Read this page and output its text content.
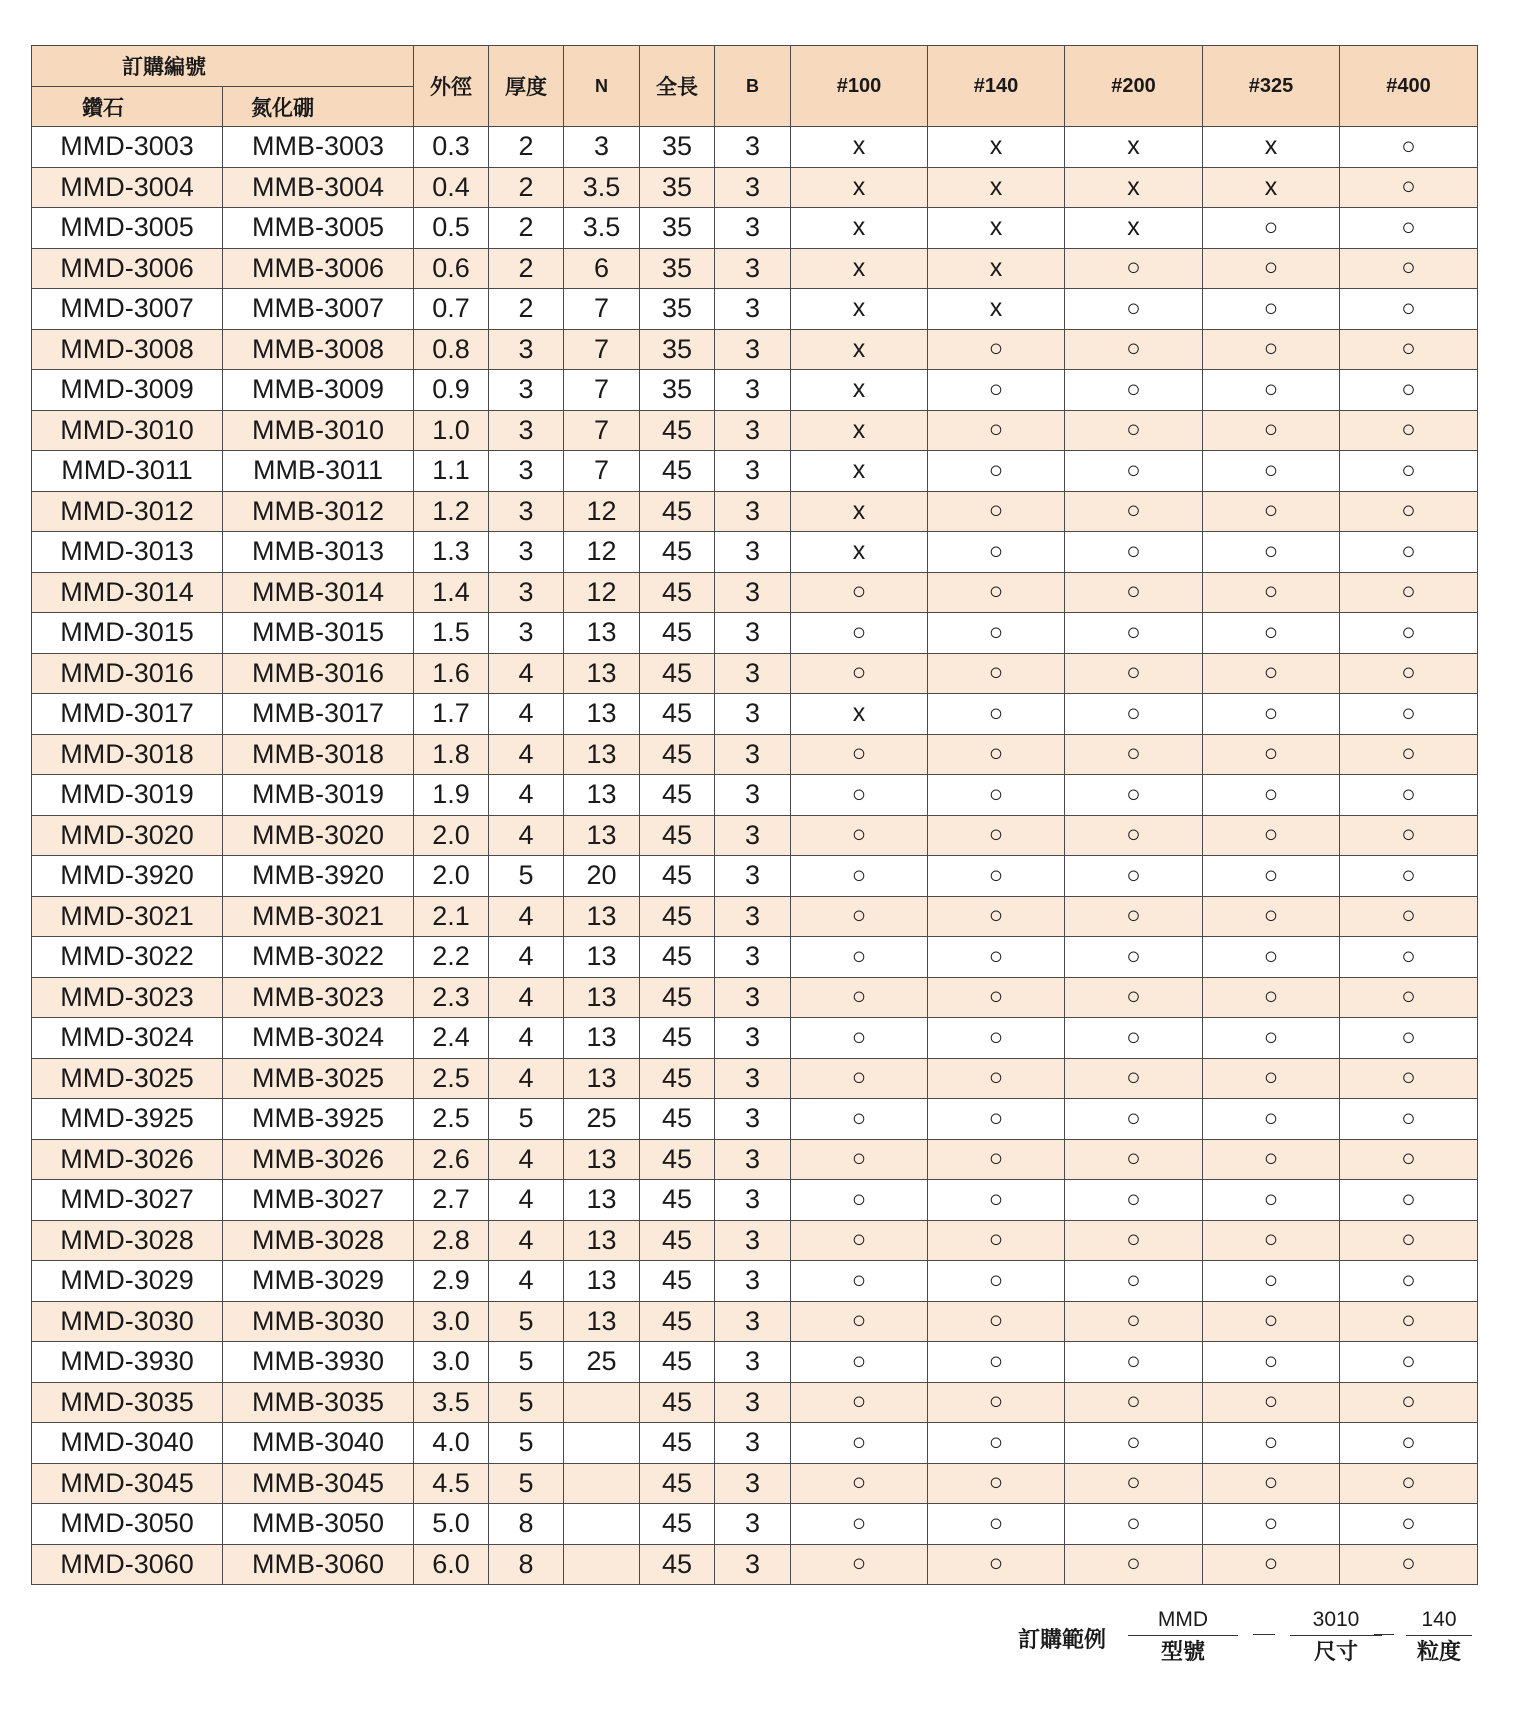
訂購編號		外徑	厚度	N	全長	B	#100	#140	#200	#325	#400
鑽石	氮化硼										
MMD-3003	MMB-3003	0.3	2	3	35	3	x	x	x	x	○
MMD-3004	MMB-3004	0.4	2	3.5	35	3	x	x	x	x	○
MMD-3005	MMB-3005	0.5	2	3.5	35	3	x	x	x	○	○
MMD-3006	MMB-3006	0.6	2	6	35	3	x	x	○	○	○
MMD-3007	MMB-3007	0.7	2	7	35	3	x	x	○	○	○
MMD-3008	MMB-3008	0.8	3	7	35	3	x	○	○	○	○
MMD-3009	MMB-3009	0.9	3	7	35	3	x	○	○	○	○
MMD-3010	MMB-3010	1.0	3	7	45	3	x	○	○	○	○
MMD-3011	MMB-3011	1.1	3	7	45	3	x	○	○	○	○
MMD-3012	MMB-3012	1.2	3	12	45	3	x	○	○	○	○
MMD-3013	MMB-3013	1.3	3	12	45	3	x	○	○	○	○
MMD-3014	MMB-3014	1.4	3	12	45	3	○	○	○	○	○
MMD-3015	MMB-3015	1.5	3	13	45	3	○	○	○	○	○
MMD-3016	MMB-3016	1.6	4	13	45	3	○	○	○	○	○
MMD-3017	MMB-3017	1.7	4	13	45	3	x	○	○	○	○
MMD-3018	MMB-3018	1.8	4	13	45	3	○	○	○	○	○
MMD-3019	MMB-3019	1.9	4	13	45	3	○	○	○	○	○
MMD-3020	MMB-3020	2.0	4	13	45	3	○	○	○	○	○
MMD-3920	MMB-3920	2.0	5	20	45	3	○	○	○	○	○
MMD-3021	MMB-3021	2.1	4	13	45	3	○	○	○	○	○
MMD-3022	MMB-3022	2.2	4	13	45	3	○	○	○	○	○
MMD-3023	MMB-3023	2.3	4	13	45	3	○	○	○	○	○
MMD-3024	MMB-3024	2.4	4	13	45	3	○	○	○	○	○
MMD-3025	MMB-3025	2.5	4	13	45	3	○	○	○	○	○
MMD-3925	MMB-3925	2.5	5	25	45	3	○	○	○	○	○
MMD-3026	MMB-3026	2.6	4	13	45	3	○	○	○	○	○
MMD-3027	MMB-3027	2.7	4	13	45	3	○	○	○	○	○
MMD-3028	MMB-3028	2.8	4	13	45	3	○	○	○	○	○
MMD-3029	MMB-3029	2.9	4	13	45	3	○	○	○	○	○
MMD-3030	MMB-3030	3.0	5	13	45	3	○	○	○	○	○
MMD-3930	MMB-3930	3.0	5	25	45	3	○	○	○	○	○
MMD-3035	MMB-3035	3.5	5		45	3	○	○	○	○	○
MMD-3040	MMB-3040	4.0	5		45	3	○	○	○	○	○
MMD-3045	MMB-3045	4.5	5		45	3	○	○	○	○	○
MMD-3050	MMB-3050	5.0	8		45	3	○	○	○	○	○
MMD-3060	MMB-3060	6.0	8		45	3	○	○	○	○	○
訂購範例
MMD
型號
3010
尺寸
140
粒度
